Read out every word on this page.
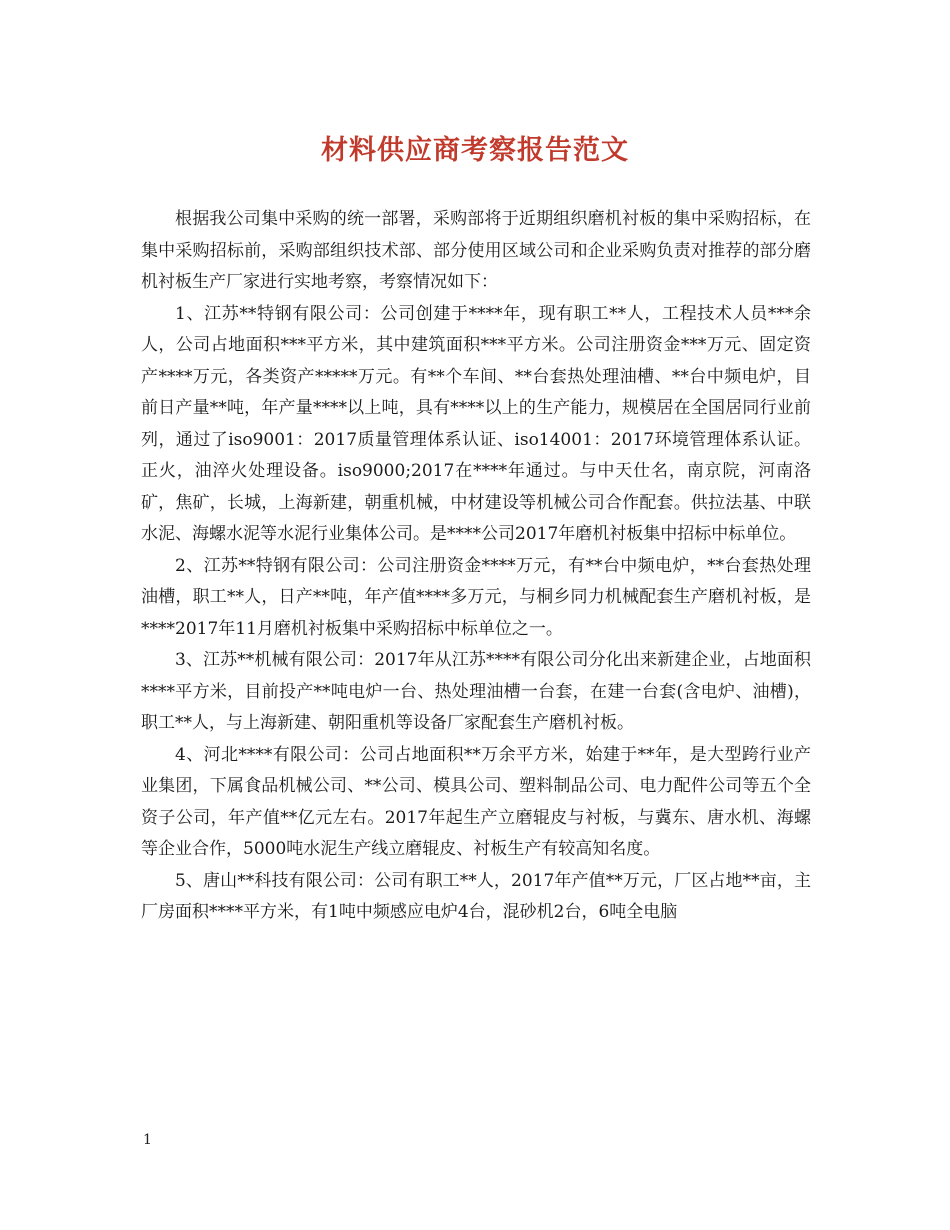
材料供应商考察报告范文

根据我公司集中采购的统一部署，采购部将于近期组织磨机衬板的集中采购招标，在集中采购招标前，采购部组织技术部、部分使用区域公司和企业采购负责对推荐的部分磨机衬板生产厂家进行实地考察，考察情况如下：

1、江苏**特钢有限公司：公司创建于****年，现有职工**人，工程技术人员***余人，公司占地面积***平方米，其中建筑面积***平方米。公司注册资金***万元、固定资产****万元，各类资产*****万元。有**个车间、**台套热处理油槽、**台中频电炉，目前日产量**吨，年产量****以上吨，具有****以上的生产能力，规模居在全国居同行业前列，通过了iso9001：2017质量管理体系认证、iso14001：2017环境管理体系认证。正火，油淬火处理设备。iso9000;2017在****年通过。与中天仕名，南京院，河南洛矿，焦矿，长城，上海新建，朝重机械，中材建设等机械公司合作配套。供拉法基、中联水泥、海螺水泥等水泥行业集体公司。是****公司2017年磨机衬板集中招标中标单位。

2、江苏**特钢有限公司：公司注册资金****万元，有**台中频电炉，**台套热处理油槽，职工**人，日产**吨，年产值****多万元，与桐乡同力机械配套生产磨机衬板，是****2017年11月磨机衬板集中采购招标中标单位之一。

3、江苏**机械有限公司：2017年从江苏****有限公司分化出来新建企业，占地面积****平方米，目前投产**吨电炉一台、热处理油槽一台套，在建一台套(含电炉、油槽)，职工**人，与上海新建、朝阳重机等设备厂家配套生产磨机衬板。

4、河北****有限公司：公司占地面积**万余平方米，始建于**年，是大型跨行业产业集团，下属食品机械公司、**公司、模具公司、塑料制品公司、电力配件公司等五个全资子公司，年产值**亿元左右。2017年起生产立磨辊皮与衬板，与冀东、唐水机、海螺等企业合作，5000吨水泥生产线立磨辊皮、衬板生产有较高知名度。

5、唐山**科技有限公司：公司有职工**人，2017年产值**万元，厂区占地**亩，主厂房面积****平方米，有1吨中频感应电炉4台，混砂机2台，6吨全电脑

1
